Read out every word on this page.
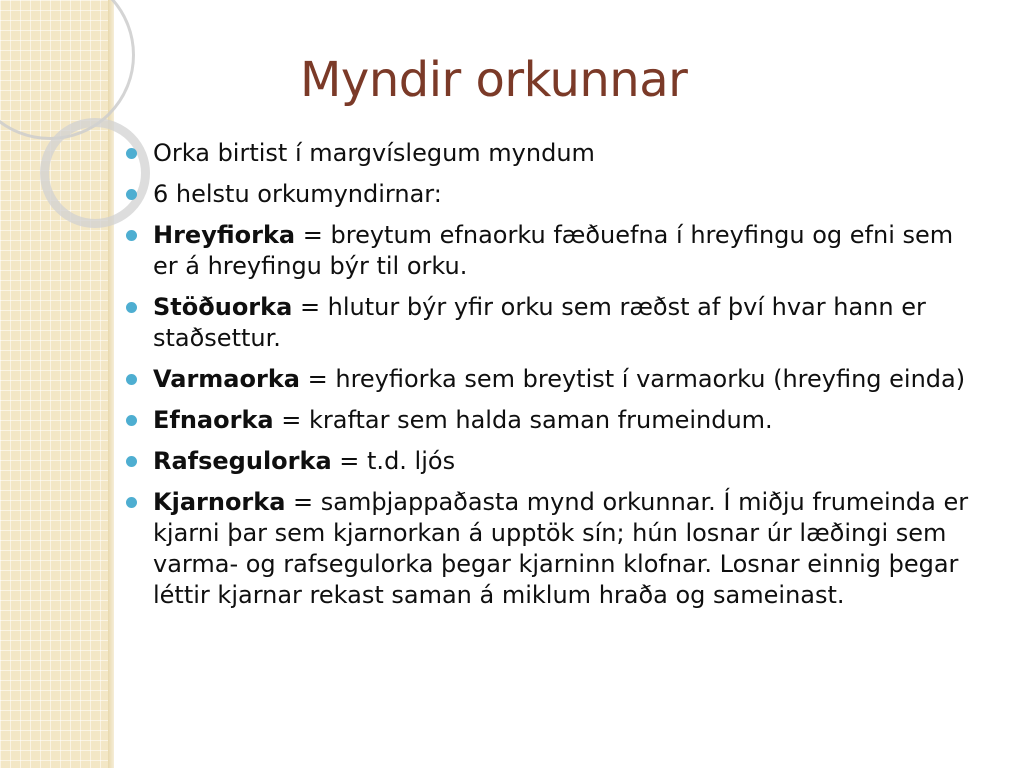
Myndir orkunnar
Orka birtist í margvíslegum myndum
6 helstu orkumyndirnar:
Hreyfiorka = breytum efnaorku fæðuefna í hreyfingu og efni sem er á hreyfingu býr til orku.
Stöðuorka = hlutur býr yfir orku sem ræðst af því hvar hann er staðsettur.
Varmaorka = hreyfiorka sem breytist í varmaorku (hreyfing einda)
Efnaorka = kraftar sem halda saman frumeindum.
Rafsegulorka = t.d. ljós
Kjarnorka = samþjappaðasta mynd orkunnar. Í miðju frumeinda er kjarni þar sem kjarnorkan á upptök sín; hún losnar úr læðingi sem varma- og rafsegulorka þegar kjarninn klofnar. Losnar einnig þegar léttir kjarnar rekast saman á miklum hraða og sameinast.
